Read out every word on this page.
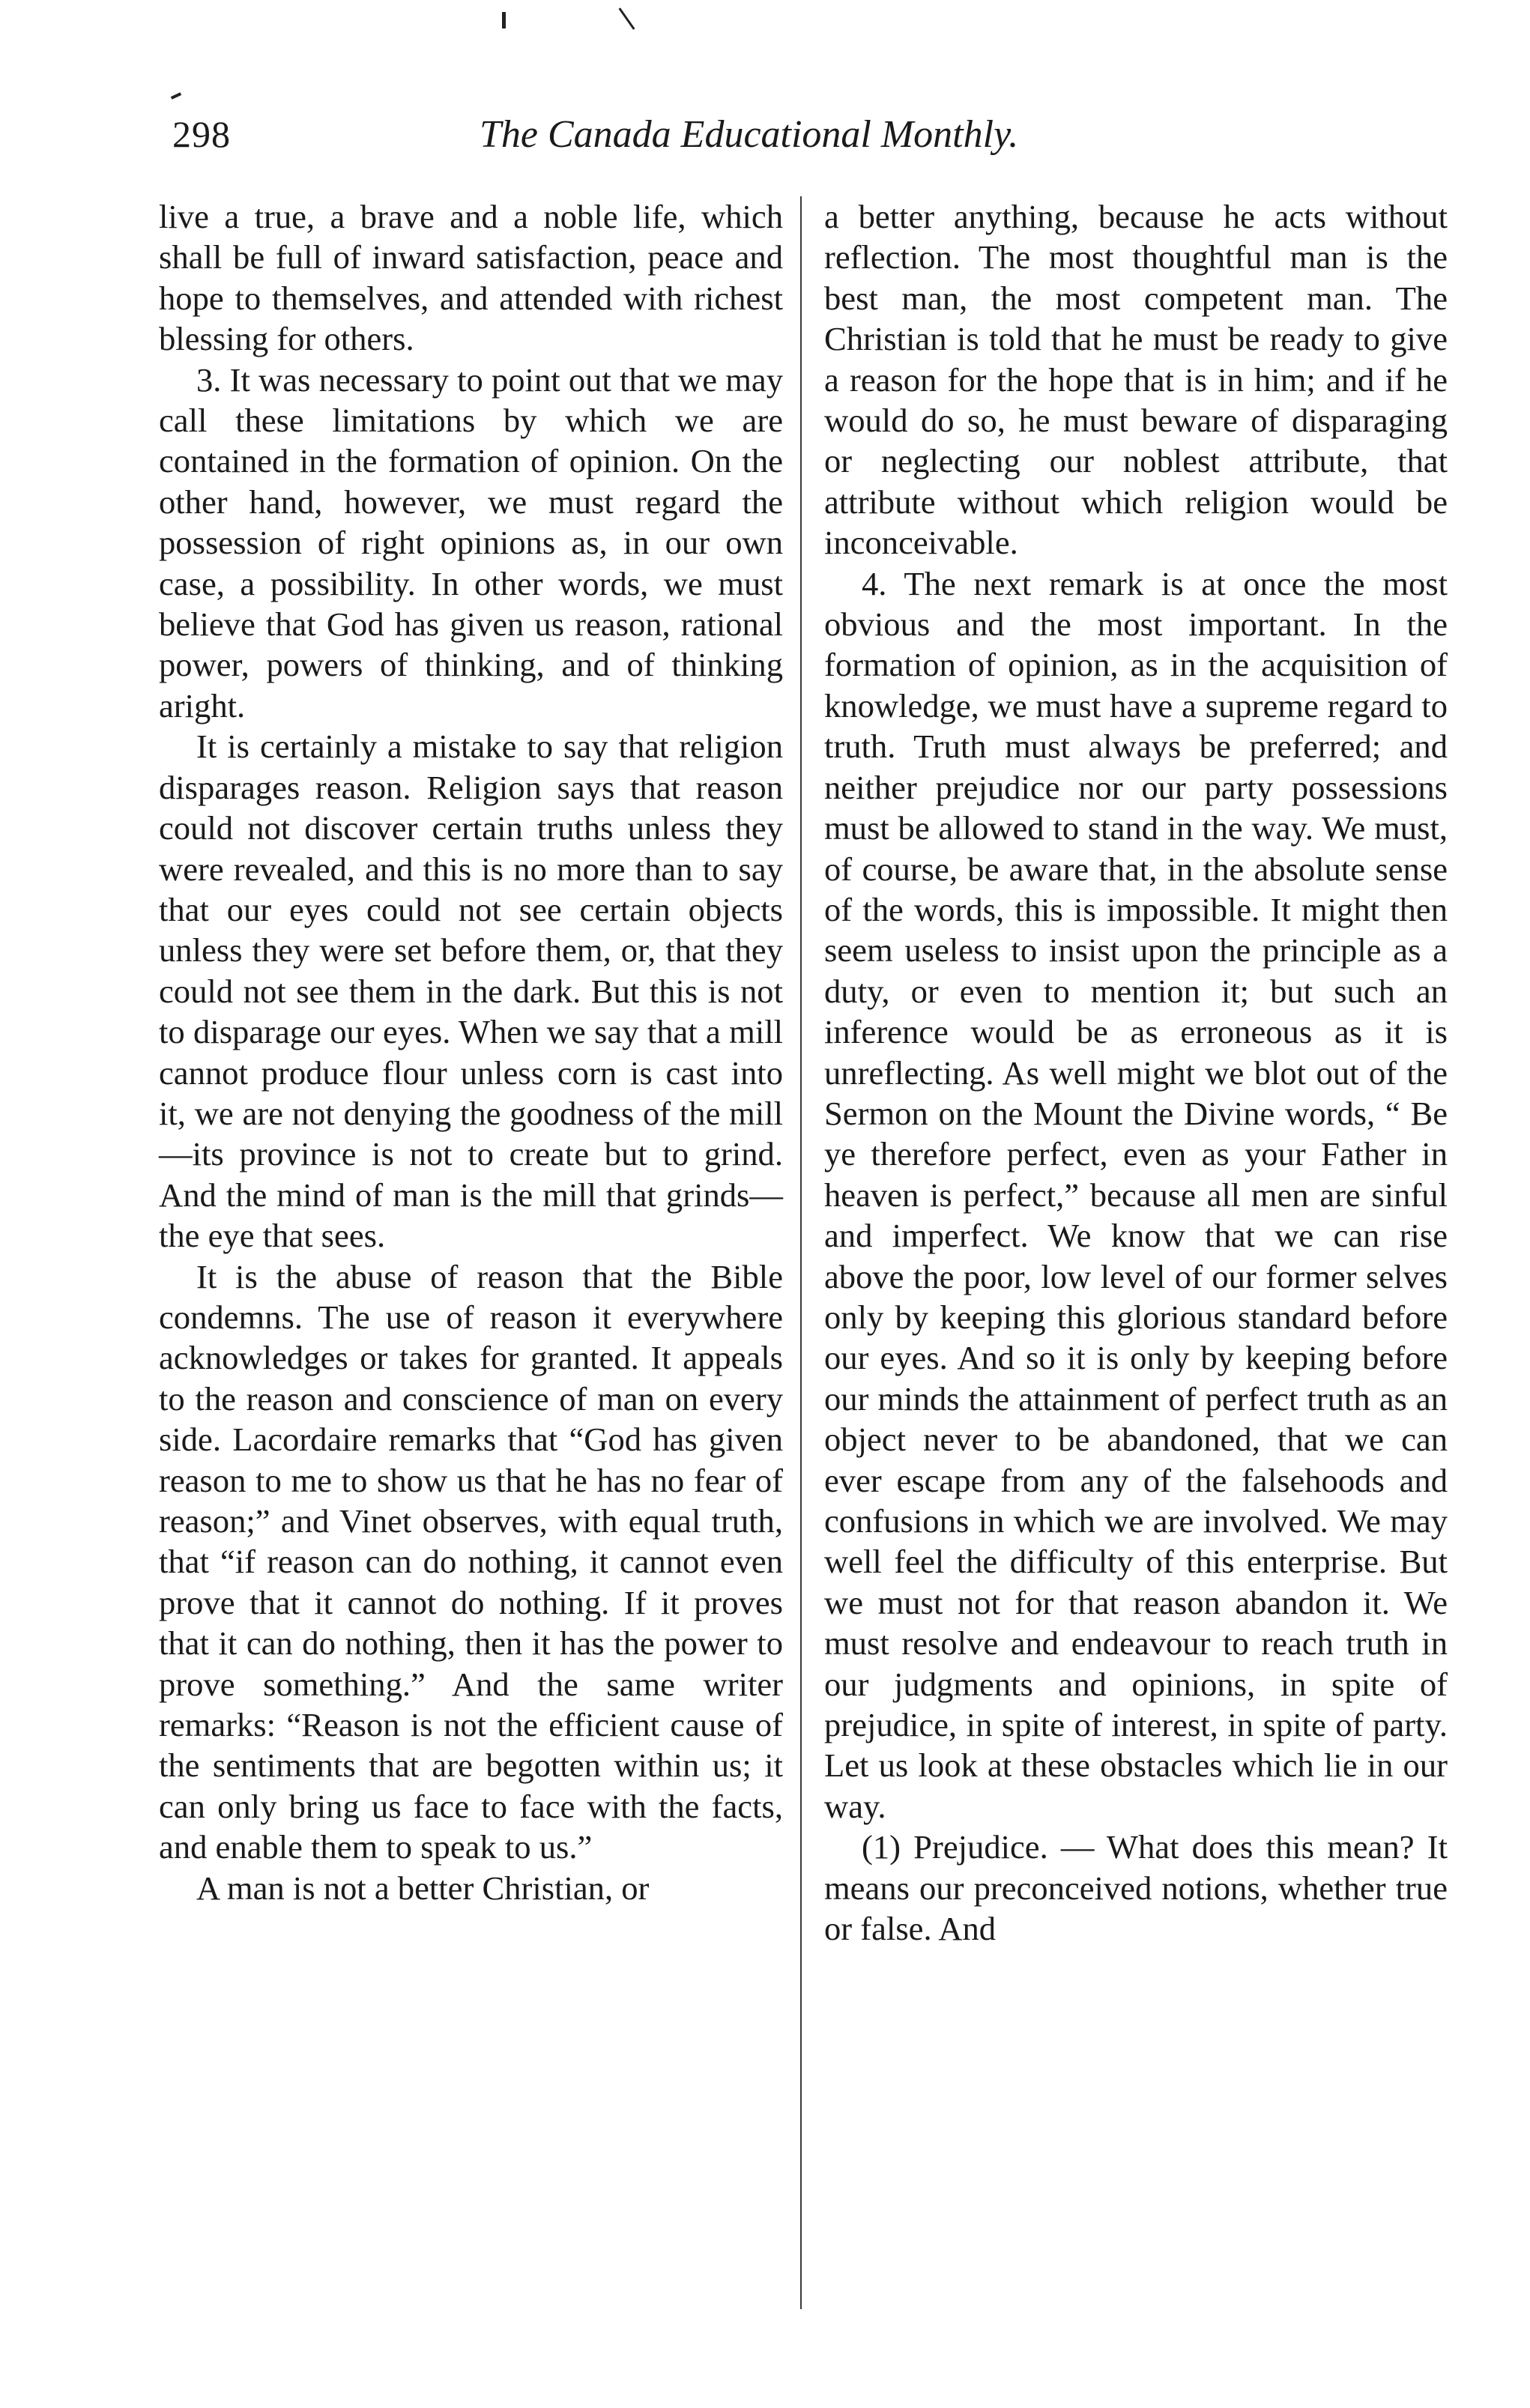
298	The Canada Educational Monthly.

live a true, a brave and a noble life, which shall be full of inward satisfaction, peace and hope to themselves, and attended with richest blessing for others.

3. It was necessary to point out that we may call these limitations by which we are contained in the formation of opinion. On the other hand, however, we must regard the possession of right opinions as, in our own case, a possibility. In other words, we must believe that God has given us reason, rational power, powers of thinking, and of thinking aright.

It is certainly a mistake to say that religion disparages reason. Religion says that reason could not discover certain truths unless they were revealed, and this is no more than to say that our eyes could not see certain objects unless they were set before them, or, that they could not see them in the dark. But this is not to disparage our eyes. When we say that a mill cannot produce flour unless corn is cast into it, we are not denying the goodness of the mill—its province is not to create but to grind. And the mind of man is the mill that grinds—the eye that sees.

It is the abuse of reason that the Bible condemns. The use of reason it everywhere acknowledges or takes for granted. It appeals to the reason and conscience of man on every side. Lacordaire remarks that “God has given reason to me to show us that he has no fear of reason;” and Vinet observes, with equal truth, that “if reason can do nothing, it cannot even prove that it cannot do nothing. If it proves that it can do nothing, then it has the power to prove something.” And the same writer remarks: “Reason is not the efficient cause of the sentiments that are begotten within us; it can only bring us face to face with the facts, and enable them to speak to us.”

A man is not a better Christian, or

a better anything, because he acts without reflection. The most thoughtful man is the best man, the most competent man. The Christian is told that he must be ready to give a reason for the hope that is in him; and if he would do so, he must beware of disparaging or neglecting our noblest attribute, that attribute without which religion would be inconceivable.

4. The next remark is at once the most obvious and the most important. In the formation of opinion, as in the acquisition of knowledge, we must have a supreme regard to truth. Truth must always be preferred; and neither prejudice nor our party possessions must be allowed to stand in the way. We must, of course, be aware that, in the absolute sense of the words, this is impossible. It might then seem useless to insist upon the principle as a duty, or even to mention it; but such an inference would be as erroneous as it is unreflecting. As well might we blot out of the Sermon on the Mount the Divine words, “ Be ye therefore perfect, even as your Father in heaven is perfect,” because all men are sinful and imperfect. We know that we can rise above the poor, low level of our former selves only by keeping this glorious standard before our eyes. And so it is only by keeping before our minds the attainment of perfect truth as an object never to be abandoned, that we can ever escape from any of the falsehoods and confusions in which we are involved. We may well feel the difficulty of this enterprise. But we must not for that reason abandon it. We must resolve and endeavour to reach truth in our judgments and opinions, in spite of prejudice, in spite of interest, in spite of party. Let us look at these obstacles which lie in our way.

(1) Prejudice. — What does this mean? It means our preconceived notions, whether true or false. And
